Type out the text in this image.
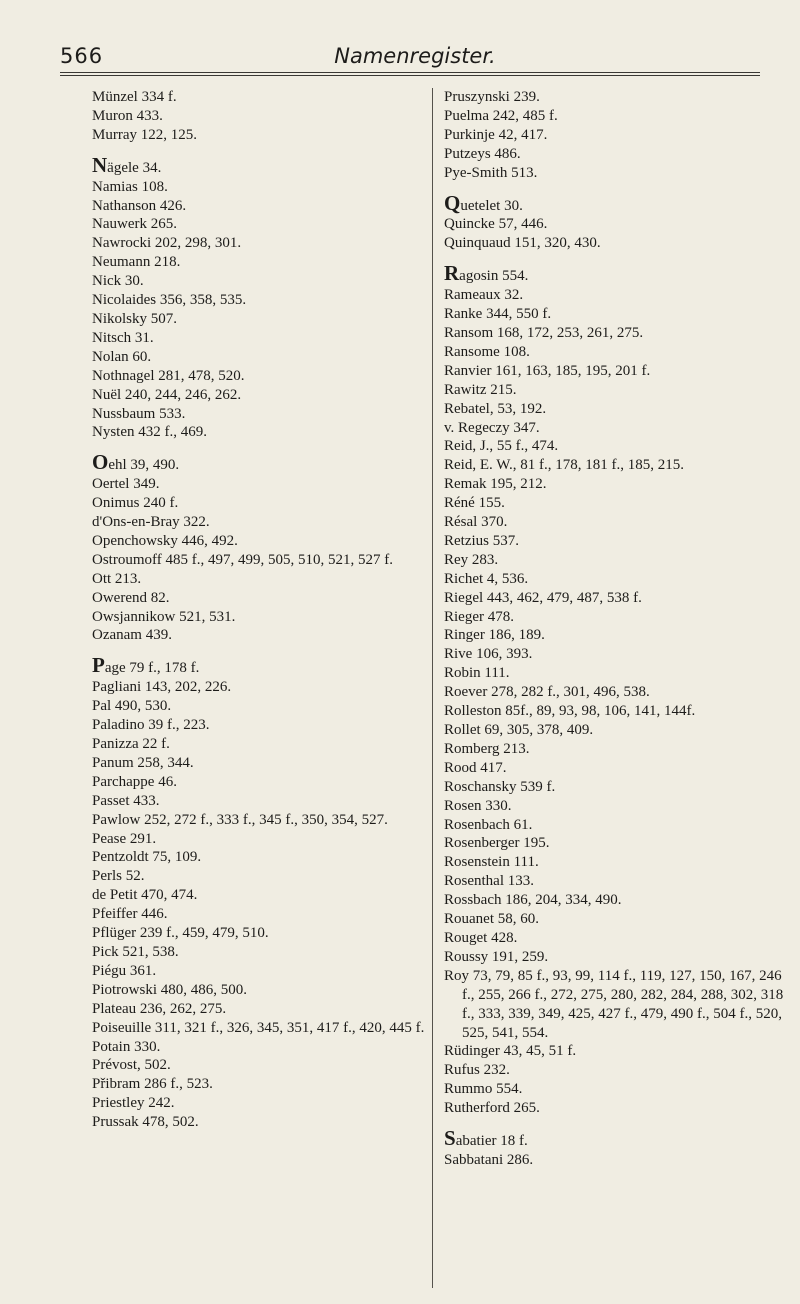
566	Namenregister.
Münzel 334 f.
Muron 433.
Murray 122, 125.
Nägele 34.
Namias 108.
Nathanson 426.
Nauwerk 265.
Nawrocki 202, 298, 301.
Neumann 218.
Nick 30.
Nicolaides 356, 358, 535.
Nikolsky 507.
Nitsch 31.
Nolan 60.
Nothnagel 281, 478, 520.
Nuël 240, 244, 246, 262.
Nussbaum 533.
Nysten 432 f., 469.
Oehl 39, 490.
Oertel 349.
Onimus 240 f.
d'Ons-en-Bray 322.
Openchowsky 446, 492.
Ostroumoff 485 f., 497, 499, 505, 510, 521, 527 f.
Ott 213.
Owerend 82.
Owsjannikow 521, 531.
Ozanam 439.
Page 79 f., 178 f.
Pagliani 143, 202, 226.
Pal 490, 530.
Paladino 39 f., 223.
Panizza 22 f.
Panum 258, 344.
Parchappe 46.
Passet 433.
Pawlow 252, 272 f., 333 f., 345 f., 350, 354, 527.
Pease 291.
Pentzoldt 75, 109.
Perls 52.
de Petit 470, 474.
Pfeiffer 446.
Pflüger 239 f., 459, 479, 510.
Pick 521, 538.
Piégu 361.
Piotrowski 480, 486, 500.
Plateau 236, 262, 275.
Poiseuille 311, 321 f., 326, 345, 351, 417 f., 420, 445 f.
Potain 330.
Prévost, 502.
Přibram 286 f., 523.
Priestley 242.
Prussak 478, 502.
Pruszynski 239.
Puelma 242, 485 f.
Purkinje 42, 417.
Putzeys 486.
Pye-Smith 513.
Quetelet 30.
Quincke 57, 446.
Quinquaud 151, 320, 430.
Ragosin 554.
Rameaux 32.
Ranke 344, 550 f.
Ransom 168, 172, 253, 261, 275.
Ransome 108.
Ranvier 161, 163, 185, 195, 201 f.
Rawitz 215.
Rebatel, 53, 192.
v. Regeczy 347.
Reid, J., 55 f., 474.
Reid, E. W., 81 f., 178, 181 f., 185, 215.
Remak 195, 212.
Réné 155.
Résal 370.
Retzius 537.
Rey 283.
Richet 4, 536.
Riegel 443, 462, 479, 487, 538 f.
Rieger 478.
Ringer 186, 189.
Rive 106, 393.
Robin 111.
Roever 278, 282 f., 301, 496, 538.
Rolleston 85f., 89, 93, 98, 106, 141, 144f.
Rollet 69, 305, 378, 409.
Romberg 213.
Rood 417.
Roschansky 539 f.
Rosen 330.
Rosenbach 61.
Rosenberger 195.
Rosenstein 111.
Rosenthal 133.
Rossbach 186, 204, 334, 490.
Rouanet 58, 60.
Rouget 428.
Roussy 191, 259.
Roy 73, 79, 85 f., 93, 99, 114 f., 119, 127, 150, 167, 246 f., 255, 266 f., 272, 275, 280, 282, 284, 288, 302, 318 f., 333, 339, 349, 425, 427 f., 479, 490 f., 504 f., 520, 525, 541, 554.
Rüdinger 43, 45, 51 f.
Rufus 232.
Rummo 554.
Rutherford 265.
Sabatier 18 f.
Sabbatani 286.
